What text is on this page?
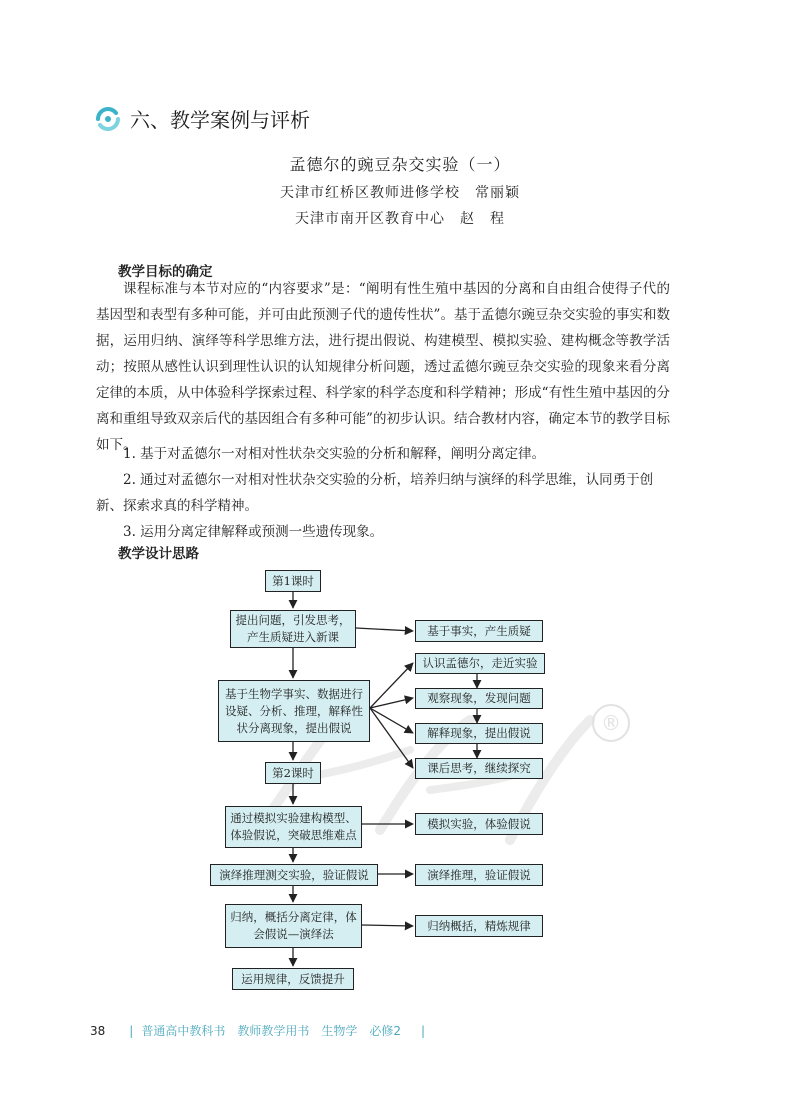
六、教学案例与评析
孟德尔的豌豆杂交实验（一）
天津市红桥区教师进修学校　常丽颖
天津市南开区教育中心　赵　程
教学目标的确定

课程标准与本节对应的“内容要求”是：“阐明有性生殖中基因的分离和自由组合使得子代的基因型和表型有多种可能，并可由此预测子代的遗传性状”。基于孟德尔豌豆杂交实验的事实和数据，运用归纳、演绎等科学思维方法，进行提出假说、构建模型、模拟实验、建构概念等教学活动；按照从感性认识到理性认识的认知规律分析问题，透过孟德尔豌豆杂交实验的现象来看分离定律的本质，从中体验科学探索过程、科学家的科学态度和科学精神；形成“有性生殖中基因的分离和重组导致双亲后代的基因组合有多种可能”的初步认识。结合教材内容，确定本节的教学目标如下。

1. 基于对孟德尔一对相对性状杂交实验的分析和解释，阐明分离定律。

2. 通过对孟德尔一对相对性状杂交实验的分析，培养归纳与演绎的科学思维，认同勇于创新、探索求真的科学精神。

3. 运用分离定律解释或预测一些遗传现象。

教学设计思路
®
第1课时
提出问题，引发思考，产生质疑进入新课	基于事实，产生质疑
基于生物学事实、数据进行设疑、分析、推理，解释性状分离现象，提出假说
认识孟德尔，走近实验
观察现象，发现问题
解释现象，提出假说
课后思考，继续探究
第2课时
通过模拟实验建构模型、体验假说，突破思维难点
模拟实验，体验假说
演绎推理测交实验，验证假说	演绎推理，验证假说
归纳，概括分离定律，体会假说—演绎法
归纳概括，精炼规律
运用规律，反馈提升
38 | 普通高中教科书 教师教学用书 生物学 必修2 |
